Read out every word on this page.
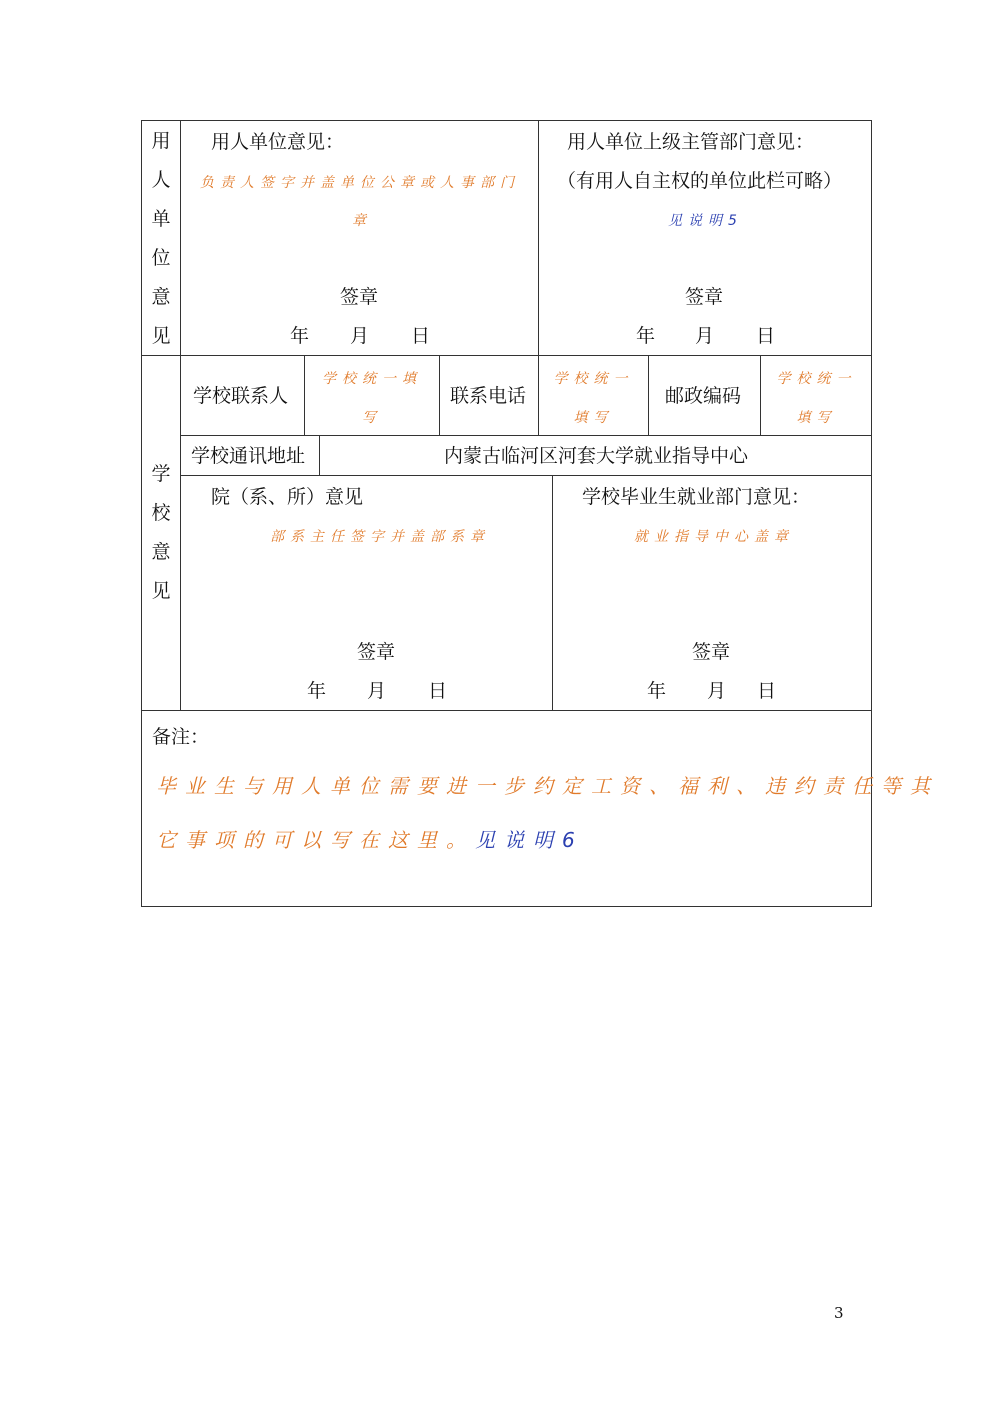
用
人
单
位
意
见
用人单位意见：
负责人签字并盖单位公章或人事部门
章
签章
年 月 日
用人单位上级主管部门意见：
（有用人自主权的单位此栏可略）
见说明5
签章
年 月 日
学
校
意
见
学校联系人
学校统一填
写
联系电话
学校统一
填写
邮政编码
学校统一
填写
学校通讯地址	内蒙古临河区河套大学就业指导中心
院（系、所）意见
部系主任签字并盖部系章
签章
年 月 日
学校毕业生就业部门意见：
就业指导中心盖章
签章
年 月 日
备注：
毕业生与用人单位需要进一步约定工资、福利、违约责任等其
它事项的可以写在这里。见说明6
3
